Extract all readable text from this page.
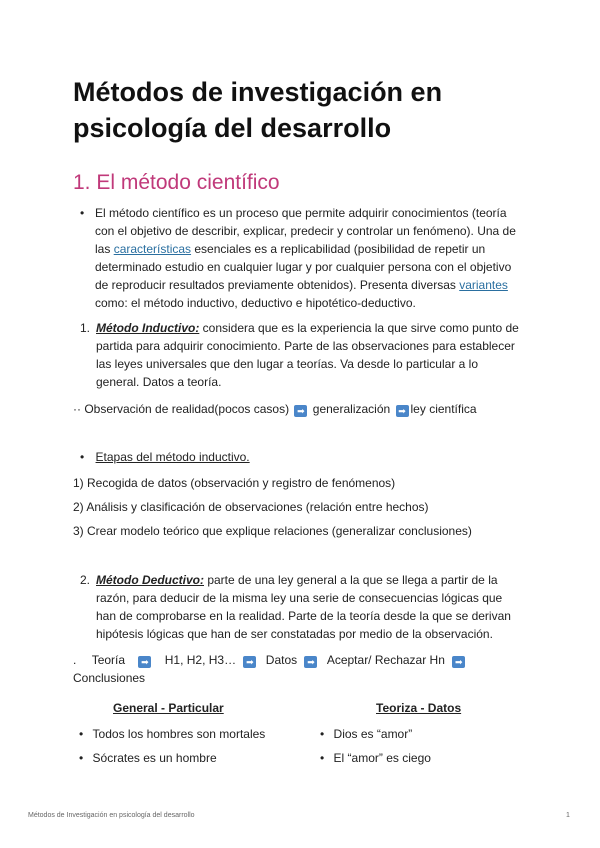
Métodos de investigación en psicología del desarrollo
1. El método científico
• El método científico es un proceso que permite adquirir conocimientos (teoría con el objetivo de describir, explicar, predecir y controlar un fenómeno). Una de las características esenciales es a replicabilidad (posibilidad de repetir un determinado estudio en cualquier lugar y por cualquier persona con el objetivo de reproducir resultados previamente obtenidos). Presenta diversas variantes como: el método inductivo, deductivo e hipotético-deductivo.
1. Método Inductivo: considera que es la experiencia la que sirve como punto de partida para adquirir conocimiento. Parte de las observaciones para establecer las leyes universales que den lugar a teorías. Va desde lo particular a lo general. Datos a teoría.
·· Observación de realidad(pocos casos) ➡ generalización ➡ ley científica
• Etapas del método inductivo.
1) Recogida de datos (observación y registro de fenómenos)
2) Análisis y clasificación de observaciones (relación entre hechos)
3) Crear modelo teórico que explique relaciones (generalizar conclusiones)
2. Método Deductivo: parte de una ley general a la que se llega a partir de la razón, para deducir de la misma ley una serie de consecuencias lógicas que han de comprobarse en la realidad. Parte de la teoría desde la que se derivan hipótesis lógicas que han de ser constatadas por medio de la observación.
. Teoría ➡ H1, H2, H3… ➡ Datos ➡ Aceptar/ Rechazar Hn ➡
Conclusiones
General - Particular
• Todos los hombres son mortales
• Sócrates es un hombre
Teoriza - Datos
• Dios es “amor”
• El “amor” es ciego
Métodos de Investigación en psicología del desarrollo	1
